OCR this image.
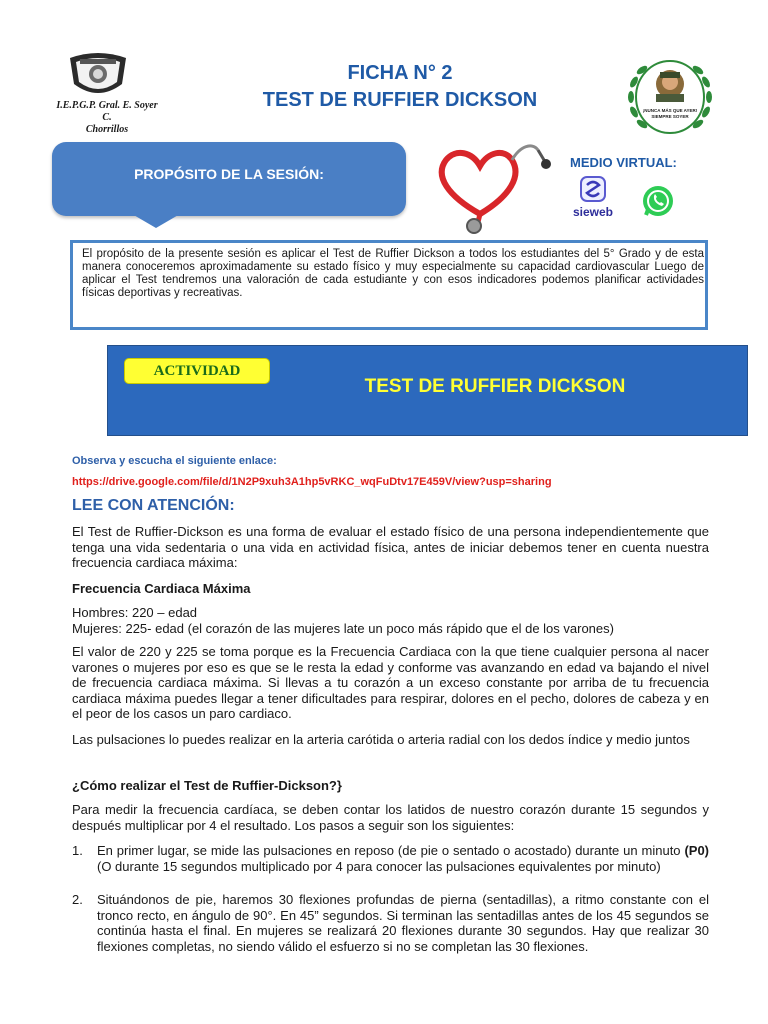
I.E.P.G.P. Gral. E. Soyer C.
Chorrillos
FICHA N° 2
TEST DE RUFFIER DICKSON	¡NUNCA MÁS QUE AYER!
SIEMPRE SOYER
PROPÓSITO DE LA SESIÓN:
MEDIO VIRTUAL:
sieweb
El propósito de la presente sesión es aplicar el Test de Ruffier Dickson a todos los estudiantes del 5° Grado y de esta manera conoceremos aproximadamente su estado físico y muy especialmente su capacidad cardiovascular Luego de aplicar el Test tendremos una valoración de cada estudiante y con esos indicadores podemos planificar actividades físicas deportivas y recreativas.
ACTIVIDAD
TEST DE RUFFIER DICKSON
Observa y escucha el siguiente enlace:
https://drive.google.com/file/d/1N2P9xuh3A1hp5vRKC_wqFuDtv17E459V/view?usp=sharing
LEE CON ATENCIÓN:
El Test de Ruffier-Dickson es una forma de evaluar el estado físico de una persona independientemente que tenga una vida sedentaria o una vida en actividad física, antes de iniciar debemos tener en cuenta nuestra frecuencia cardiaca máxima:
Frecuencia Cardiaca Máxima
Hombres: 220 – edad
Mujeres: 225- edad (el corazón de las mujeres late un poco más rápido que el de los varones)
El valor de 220 y 225 se toma porque es la Frecuencia Cardiaca con la que tiene cualquier persona al nacer varones o mujeres por eso es que se le resta la edad y conforme vas avanzando en edad va bajando el nivel de frecuencia cardiaca máxima. Si llevas a tu corazón a un exceso constante por arriba de tu frecuencia cardiaca máxima puedes llegar a tener dificultades para respirar, dolores en el pecho, dolores de cabeza y en el peor de los casos un paro cardiaco.
Las pulsaciones lo puedes realizar en la arteria carótida o arteria radial con los dedos índice y medio juntos
¿Cómo realizar el Test de Ruffier-Dickson?}
Para medir la frecuencia cardíaca, se deben contar los latidos de nuestro corazón durante 15 segundos y después multiplicar por 4 el resultado. Los pasos a seguir son los siguientes:
1. En primer lugar, se mide las pulsaciones en reposo (de pie o sentado o acostado) durante un minuto (P0) (O durante 15 segundos multiplicado por 4 para conocer las pulsaciones equivalentes por minuto)
2. Situándonos de pie, haremos 30 flexiones profundas de pierna (sentadillas), a ritmo constante con el tronco recto, en ángulo de 90°. En 45” segundos. Si terminan las sentadillas antes de los 45 segundos se continúa hasta el final. En mujeres se realizará 20 flexiones durante 30 segundos. Hay que realizar 30 flexiones completas, no siendo válido el esfuerzo si no se completan las 30 flexiones.
